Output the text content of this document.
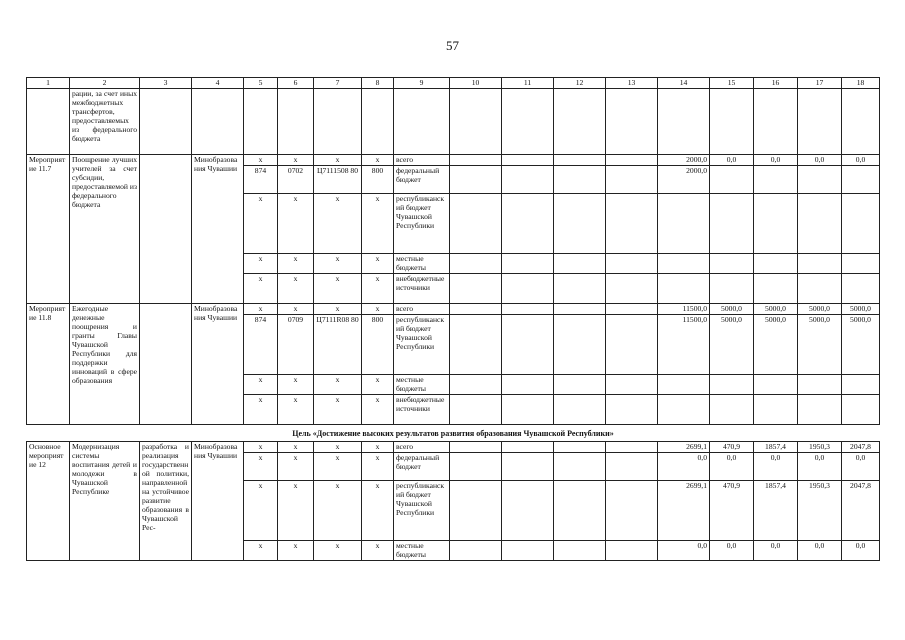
57
1	2	3	4	5	6	7	8	9	10	11	12	13	14	15	16	17	18
	рации, за счет иных межбюджетных трансфертов, предоставляемых из федерального бюджета																
Мероприятие 11.7	Поощрение лучших учителей за счет субсидии, предоставляемой из федерального бюджета		Минобразования Чувашии	x	x	x	x	всего					2000,0	0,0	0,0	0,0	0,0
				874	0702	Ц7111508 80	800	федеральный бюджет					2000,0				
				x	x	x	x	республиканский бюджет Чувашской Республики									
				x	x	x	x	местные бюджеты									
				x	x	x	x	внебюджетные источники									
Мероприятие 11.8	Ежегодные денежные поощрения и гранты Главы Чувашской Республики для поддержки инноваций в сфере образования		Минобразования Чувашии	x	x	x	x	всего					11500,0	5000,0	5000,0	5000,0	5000,0
				874	0709	Ц7111R08 80	800	республиканский бюджет Чувашской Республики					11500,0	5000,0	5000,0	5000,0	5000,0
				x	x	x	x	местные бюджеты									
				x	x	x	x	внебюджетные источники									
Цель «Достижение высоких результатов развития образования Чувашской Республики»																	
Основное мероприятие 12	Модернизация системы воспитания детей и молодежи в Чувашской Республике	разработка и реализация государственной политики, направленной на устойчивое развитие образования в Чувашской Рес-	Минобразования Чувашии	x	x	x	x	всего					2699,1	470,9	1857,4	1950,3	2047,8
				x	x	x	x	федеральный бюджет					0,0	0,0	0,0	0,0	0,0
				x	x	x	x	республиканский бюджет Чувашской Республики					2699,1	470,9	1857,4	1950,3	2047,8
				x	x	x	x	местные бюджеты					0,0	0,0	0,0	0,0	0,0
